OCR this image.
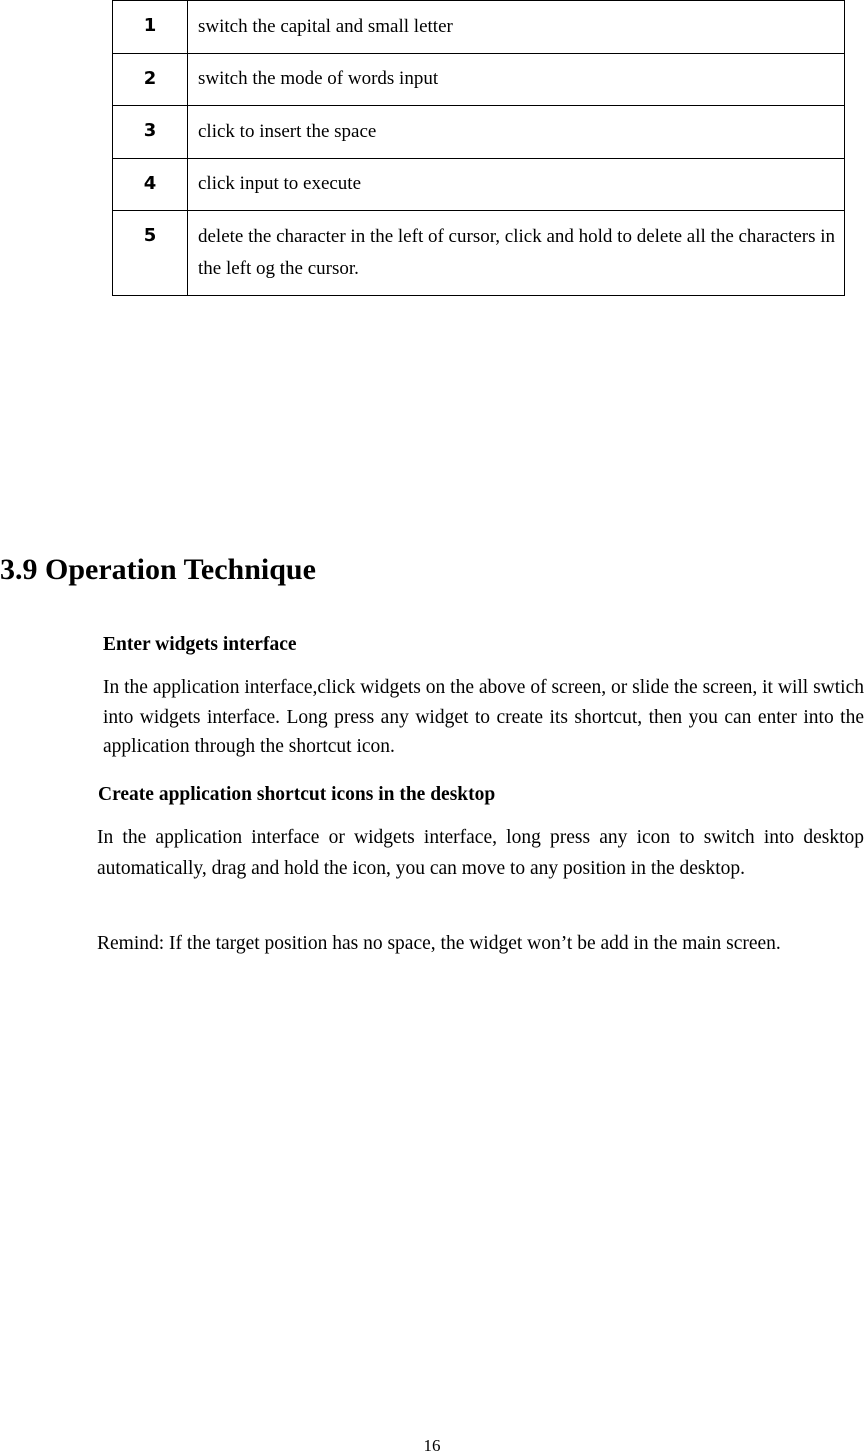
1	switch the capital and small letter
2	switch the mode of words input
3	click to insert the space
4	click input to execute
5	delete the character in the left of cursor, click and hold to delete all the characters in the left og the cursor.
3.9 Operation Technique

Enter widgets interface

In the application interface,click widgets on the above of screen, or slide the screen, it will swtich into widgets interface. Long press any widget to create its shortcut, then you can enter into the application through the shortcut icon.

Create application shortcut icons in the desktop

In the application interface or widgets interface, long press any icon to switch into desktop automatically, drag and hold the icon, you can move to any position in the desktop.

Remind: If the target position has no space, the widget won’t be add in the main screen.

16
